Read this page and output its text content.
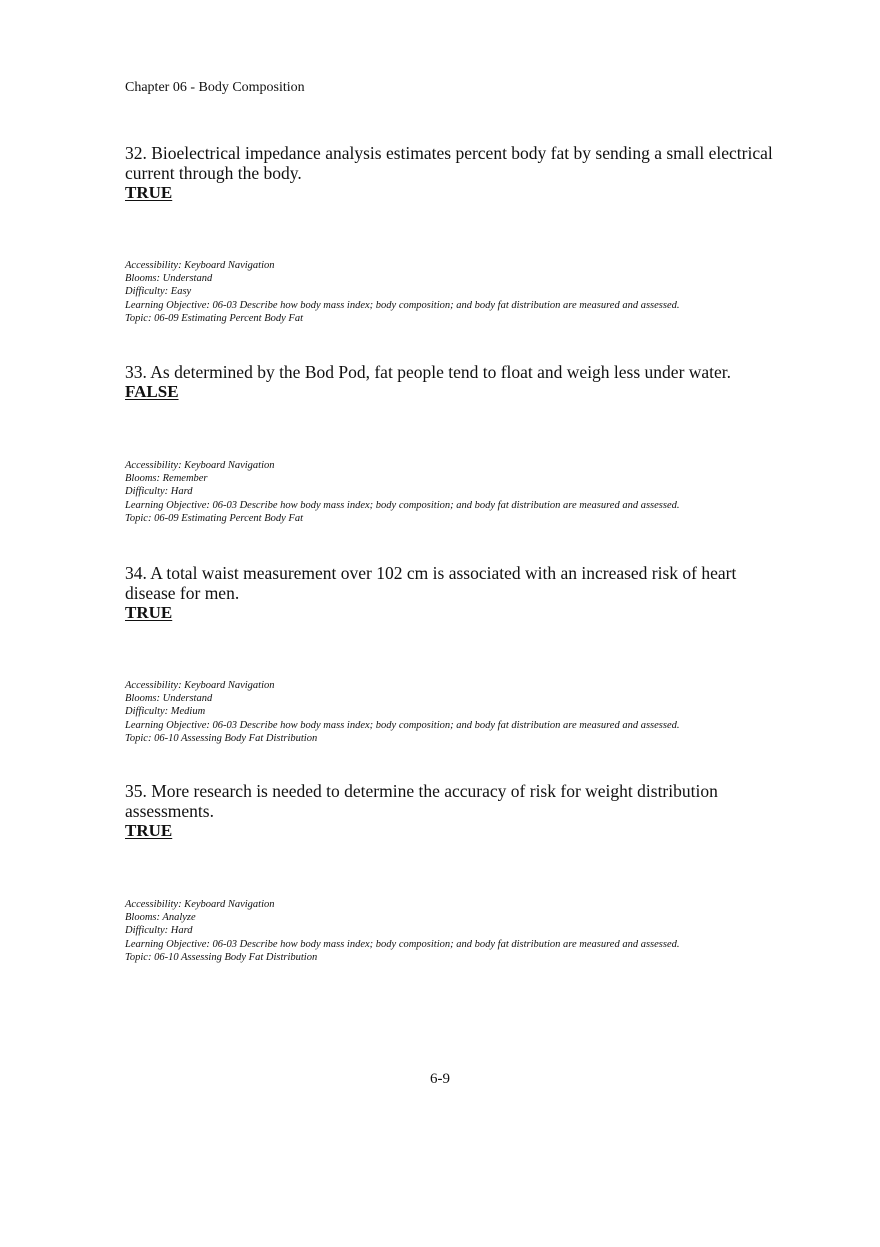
Chapter 06 - Body Composition
32. Bioelectrical impedance analysis estimates percent body fat by sending a small electrical current through the body.
TRUE
Accessibility: Keyboard Navigation
Blooms: Understand
Difficulty: Easy
Learning Objective: 06-03 Describe how body mass index; body composition; and body fat distribution are measured and assessed.
Topic: 06-09 Estimating Percent Body Fat
33. As determined by the Bod Pod, fat people tend to float and weigh less under water.
FALSE
Accessibility: Keyboard Navigation
Blooms: Remember
Difficulty: Hard
Learning Objective: 06-03 Describe how body mass index; body composition; and body fat distribution are measured and assessed.
Topic: 06-09 Estimating Percent Body Fat
34. A total waist measurement over 102 cm is associated with an increased risk of heart disease for men.
TRUE
Accessibility: Keyboard Navigation
Blooms: Understand
Difficulty: Medium
Learning Objective: 06-03 Describe how body mass index; body composition; and body fat distribution are measured and assessed.
Topic: 06-10 Assessing Body Fat Distribution
35. More research is needed to determine the accuracy of risk for weight distribution assessments.
TRUE
Accessibility: Keyboard Navigation
Blooms: Analyze
Difficulty: Hard
Learning Objective: 06-03 Describe how body mass index; body composition; and body fat distribution are measured and assessed.
Topic: 06-10 Assessing Body Fat Distribution
6-9
